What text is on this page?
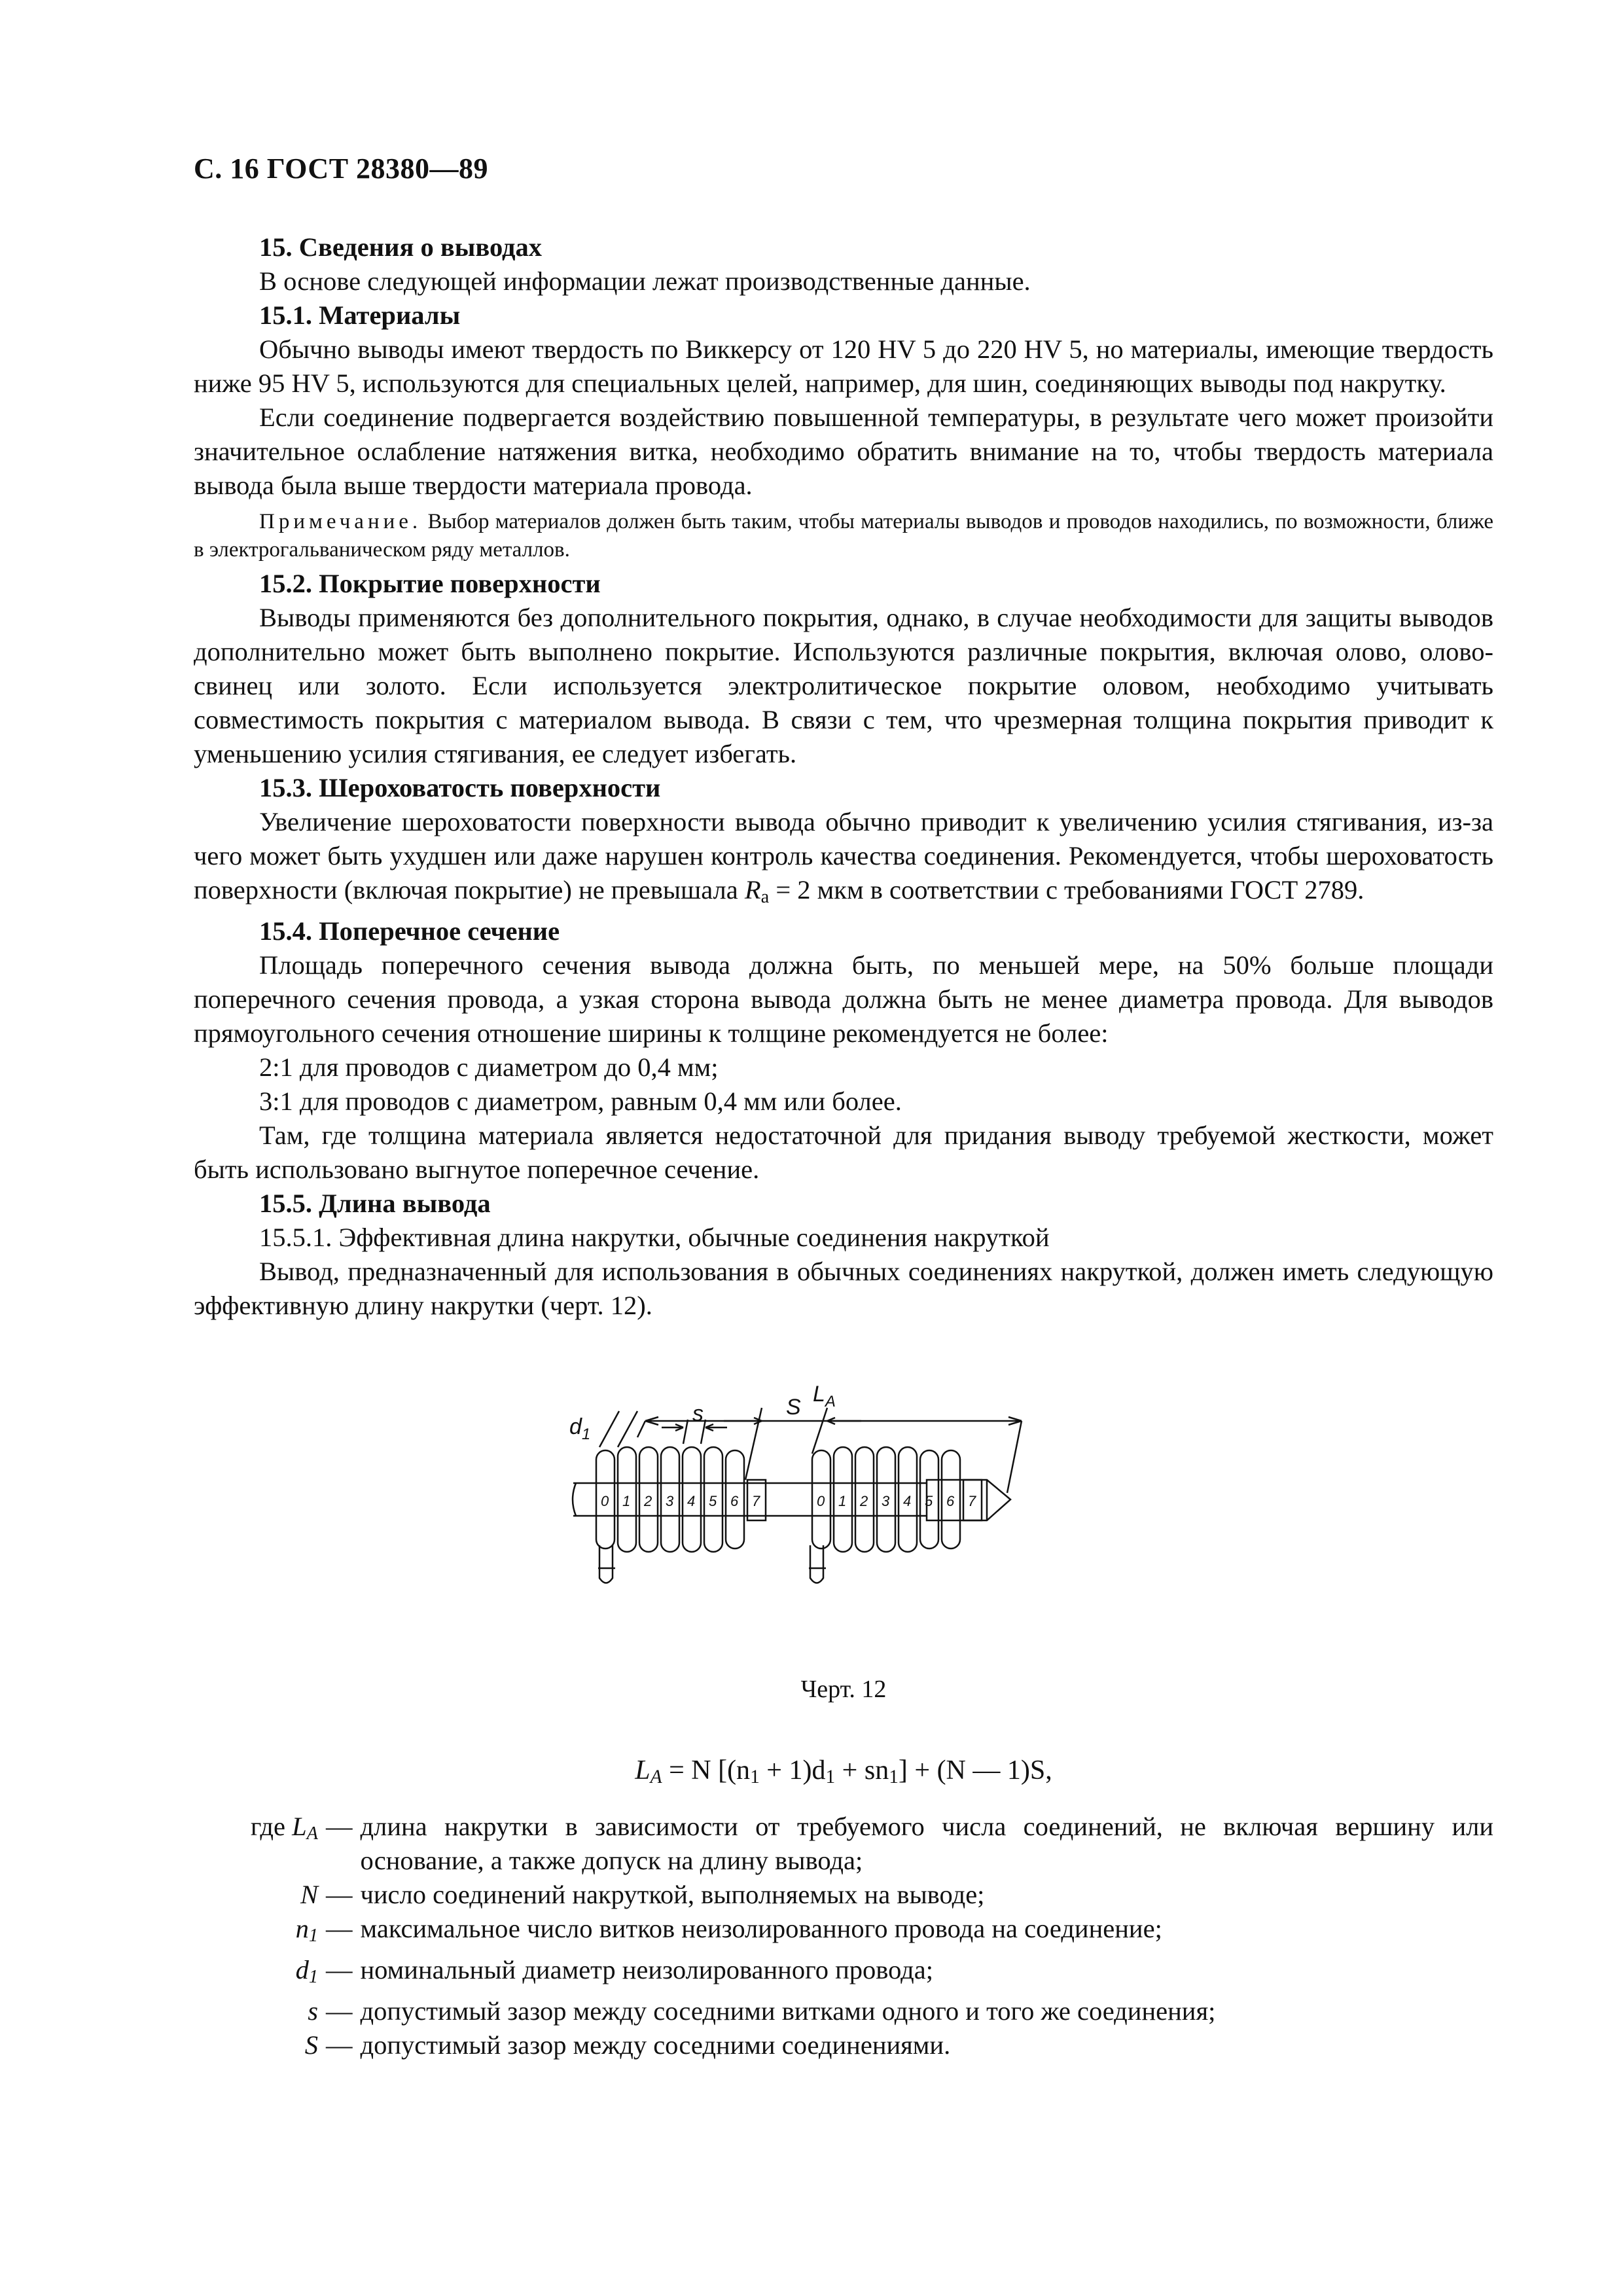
С. 16 ГОСТ 28380—89

15. Сведения о выводах

В основе следующей информации лежат производственные данные.

15.1. Материалы

Обычно выводы имеют твердость по Виккерсу от 120 HV 5 до 220 HV 5, но материалы, имеющие твердость ниже 95 HV 5, используются для специальных целей, например, для шин, соединяющих выводы под накрутку.

Если соединение подвергается воздействию повышенной температуры, в результате чего может произойти значительное ослабление натяжения витка, необходимо обратить внимание на то, чтобы твердость материала вывода была выше твердости материала провода.

Примечание. Выбор материалов должен быть таким, чтобы материалы выводов и проводов находились, по возможности, ближе в электрогальваническом ряду металлов.

15.2. Покрытие поверхности

Выводы применяются без дополнительного покрытия, однако, в случае необходимости для защиты выводов дополнительно может быть выполнено покрытие. Используются различные покрытия, включая олово, олово-свинец или золото. Если используется электролитическое покрытие оловом, необходимо учитывать совместимость покрытия с материалом вывода. В связи с тем, что чрезмерная толщина покрытия приводит к уменьшению усилия стягивания, ее следует избегать.

15.3. Шероховатость поверхности

Увеличение шероховатости поверхности вывода обычно приводит к увеличению усилия стягивания, из-за чего может быть ухудшен или даже нарушен контроль качества соединения. Рекомендуется, чтобы шероховатость поверхности (включая покрытие) не превышала $R_a = 2$ мкм в соответствии с требованиями ГОСТ 2789.

15.4. Поперечное сечение

Площадь поперечного сечения вывода должна быть, по меньшей мере, на 50% больше площади поперечного сечения провода, а узкая сторона вывода должна быть не менее диаметра провода. Для выводов прямоугольного сечения отношение ширины к толщине рекомендуется не более:

2:1 для проводов с диаметром до 0,4 мм;

3:1 для проводов с диаметром, равным 0,4 мм или более.

Там, где толщина материала является недостаточной для придания выводу требуемой жесткости, может быть использовано выгнутое поперечное сечение.

15.5. Длина вывода

15.5.1. Эффективная длина накрутки, обычные соединения накруткой

Вывод, предназначенный для использования в обычных соединениях накруткой, должен иметь следующую эффективную длину накрутки (черт. 12).

$L_A$
$d_1$
s	S
0 1 2 3 4 5 6 7	0 1 2 3 4 5 6 7
Черт. 12
$L_A = N$ $[(n_1 + 1)d_1 + sn_1] + (N$ — 1)S,
где $L_A$ — длина накрутки в зависимости от требуемого числа соединений, не включая вершину или основание, а также допуск на длину вывода;
N — число соединений накруткой, выполняемых на выводе;
$n_1$ — максимальное число витков неизолированного провода на соединение;
$d_1$ — номинальный диаметр неизолированного провода;
s — допустимый зазор между соседними витками одного и того же соединения;
S — допустимый зазор между соседними соединениями.
